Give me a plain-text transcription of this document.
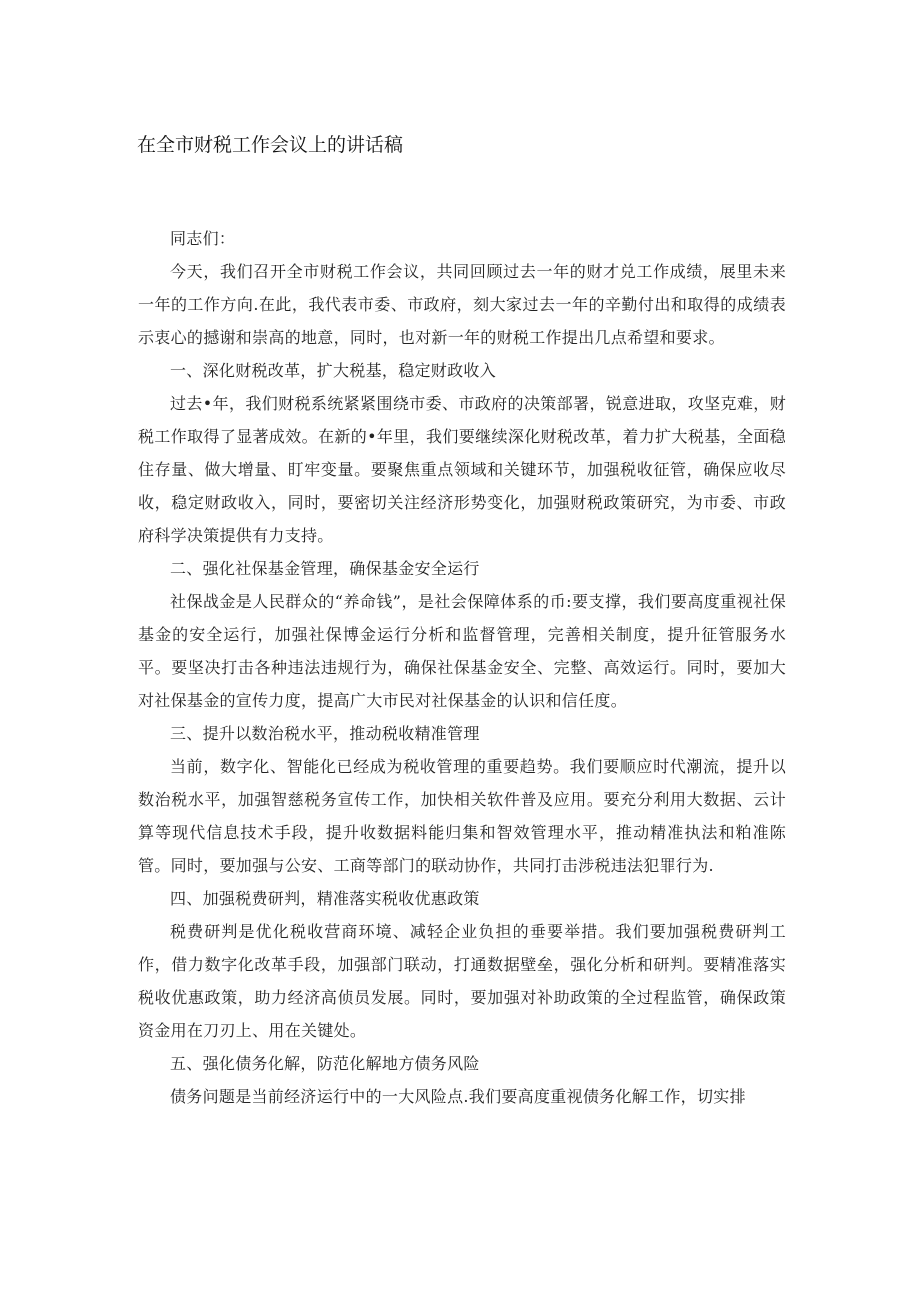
在全市财税工作会议上的讲话稿

同志们：

今天，我们召开全市财税工作会议，共同回顾过去一年的财才兑工作成绩，展里未来一年的工作方向.在此，我代表市委、市政府，刻大家过去一年的辛勤付出和取得的成绩表示衷心的撼谢和崇高的地意，同时，也对新一年的财税工作提出几点希望和要求。

一、深化财税改革，扩大税基，稳定财政收入

过去•年，我们财税系统紧紧围绕市委、市政府的决策部署，锐意进取，攻坚克难，财税工作取得了显著成效。在新的•年里，我们要继续深化财税改革，着力扩大税基，全面稳住存量、做大增量、盯牢变量。要聚焦重点领域和关键环节，加强税收征管，确保应收尽收，稳定财政收入，同时，要密切关注经济形势变化，加强财税政策研究，为市委、市政府科学决策提供有力支持。

二、强化社保基金管理，确保基金安全运行

社保战金是人民群众的“养命钱”，是社会保障体系的币:要支撑，我们要高度重视社保基金的安全运行，加强社保博金运行分析和监督管理，完善相关制度，提升征管服务水平。要坚决打击各种违法违规行为，确保社保基金安全、完整、高效运行。同时，要加大对社保基金的宣传力度，提高广大市民对社保基金的认识和信任度。

三、提升以数治税水平，推动税收精准管理

当前，数字化、智能化已经成为税收管理的重要趋势。我们要顺应时代潮流，提升以数治税水平，加强智慈税务宣传工作，加快相关软件普及应用。要充分利用大数据、云计算等现代信息技术手段，提升收数据料能归集和智效管理水平，推动精准执法和粕准陈管。同时，要加强与公安、工商等部门的联动协作，共同打击涉税违法犯罪行为.

四、加强税费研判，精准落实税收优惠政策

税费研判是优化税收营商环境、减轻企业负担的垂要举措。我们要加强税费研判工作，借力数字化改革手段，加强部门联动，打通数据壁垒，强化分析和研判。要精准落实税收优惠政策，助力经济高侦员发展。同时，要加强对补助政策的全过程监管，确保政策资金用在刀刃上、用在关键处。

五、强化债务化解，防范化解地方债务风险

债务问题是当前经济运行中的一大风险点.我们要高度重视债务化解工作，切实排
